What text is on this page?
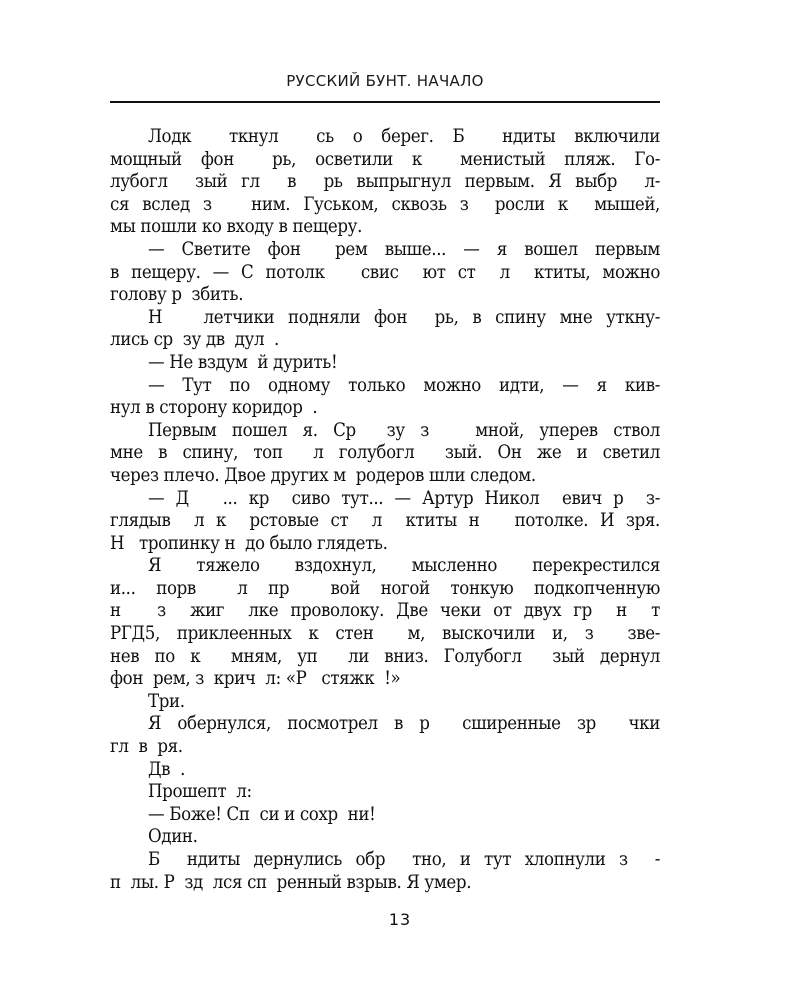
РУССКИЙ БУНТ. НАЧАЛО
Лодк  ткнул  сь о берег. Б  ндиты включили
мощный фон  рь, осветили к  менистый пляж. Го-
лубогл  зый гл  в  рь выпрыгнул первым. Я выбр  л-
ся вслед з   ним. Гуськом, сквозь з  росли к  мышей,
мы пошли ко входу в пещеру.
— Светите фон  рем выше... — я вошел первым
в пещеру. — С потолк   свис  ют ст  л  ктиты, можно
голову р  збить.
Н   летчики подняли фон  рь, в спину мне уткну-
лись ср  зу дв  дул  .
— Не вздум  й дурить!
— Тут по одному только можно идти, — я кив-
нул в сторону коридор  .
Первым пошел я. Ср  зу з   мной, уперев ствол
мне в спину, топ  л голубогл  зый. Он же и светил
через плечо. Двое других м  родеров шли следом.
— Д   ... кр  сиво тут... — Артур Никол  евич р  з-
глядыв  л к  рстовые ст  л  ктиты н   потолке. И зря.
Н   тропинку н  до было глядеть.
Я тяжело вздохнул, мысленно перекрестился
и... порв  л пр  вой ногой тонкую подкопченную
н   з  жиг  лке проволоку. Две чеки от двух гр  н  т
РГД5, приклеенных к стен  м, выскочили и, з  зве-
нев по к  мням, уп  ли вниз. Голубогл  зый дернул
фон  рем, з  крич  л: «Р   стяжк  !»
Три.
Я обернулся, посмотрел в р  сширенные зр  чки
гл  в  ря.
Дв  .
Прошепт  л:
— Боже! Сп  си и сохр  ни!
Один.
Б  ндиты дернулись обр  тно, и тут хлопнули з  -
п  лы. Р  зд  лся сп  ренный взрыв. Я умер.
13
